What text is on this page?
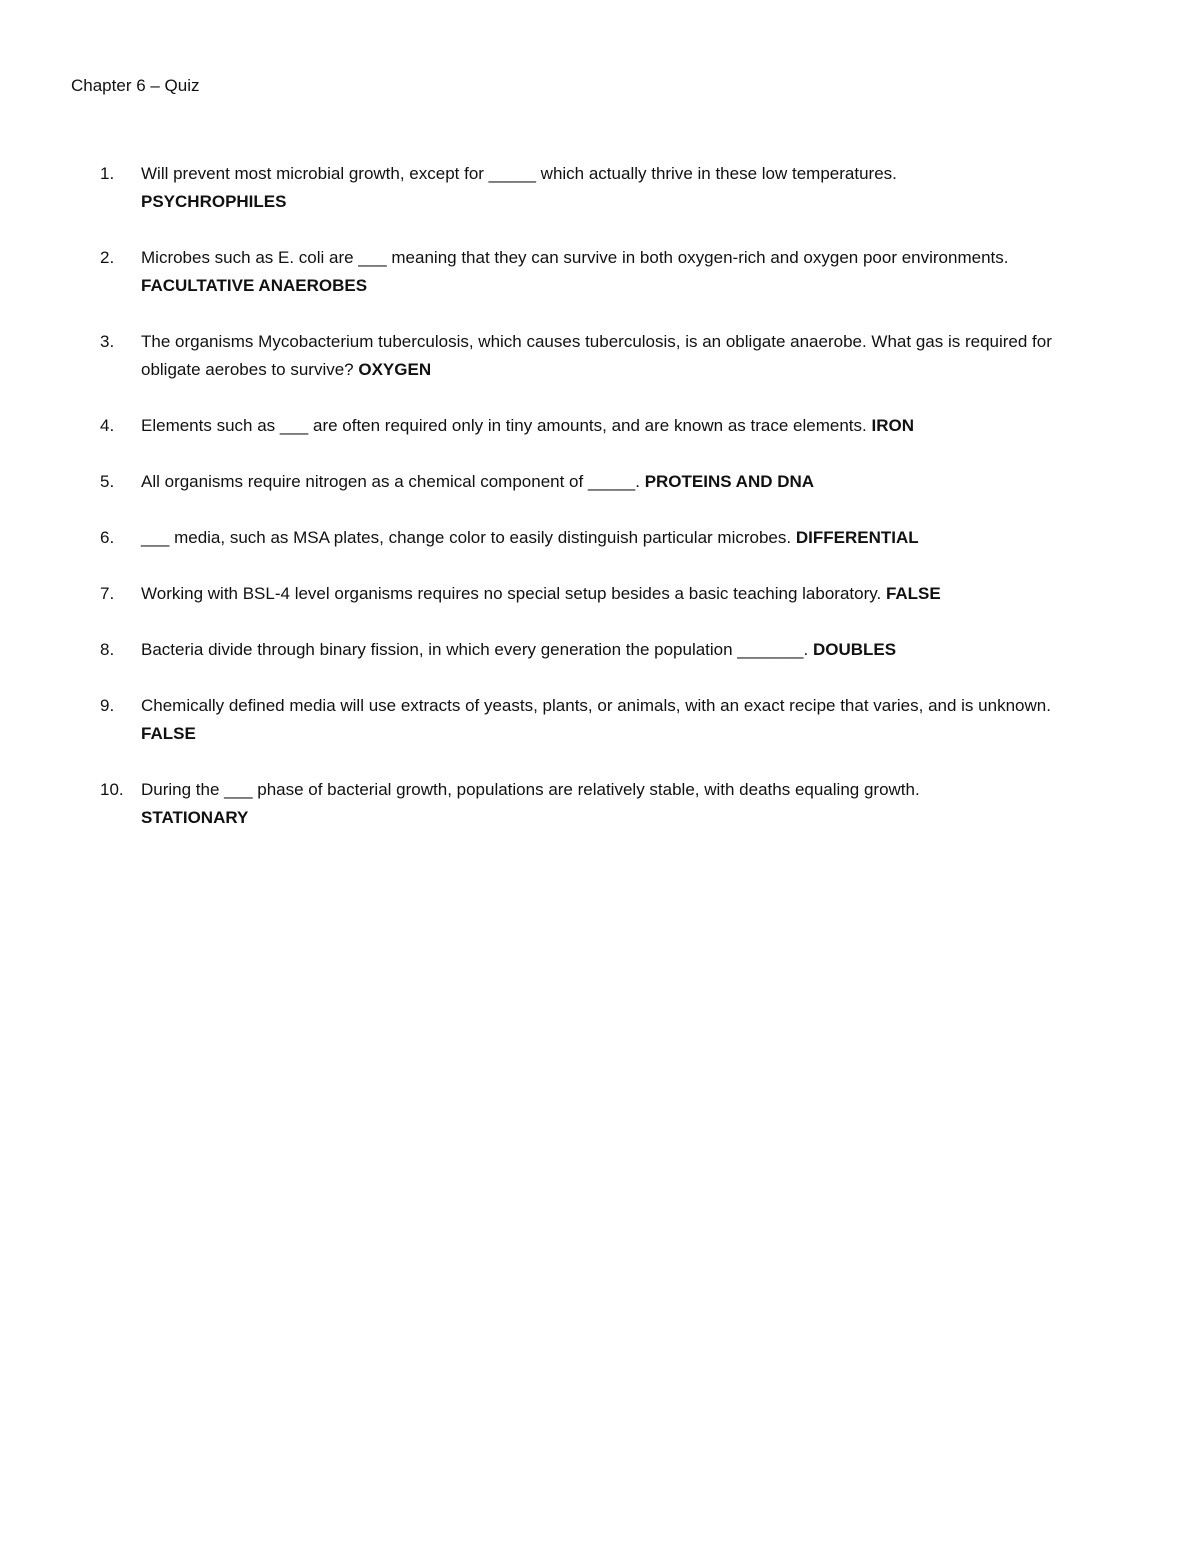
Chapter 6 – Quiz
1.	Will prevent most microbial growth, except for _____ which actually thrive in these low temperatures.
PSYCHROPHILES
2.	Microbes such as E. coli are ___ meaning that they can survive in both oxygen-rich and oxygen poor environments. FACULTATIVE ANAEROBES
3.	The organisms Mycobacterium tuberculosis, which causes tuberculosis, is an obligate anaerobe. What gas is required for obligate aerobes to survive? OXYGEN
4.	Elements such as ___ are often required only in tiny amounts, and are known as trace elements. IRON
5.	All organisms require nitrogen as a chemical component of _____. PROTEINS AND DNA
6.	___ media, such as MSA plates, change color to easily distinguish particular microbes. DIFFERENTIAL
7.	Working with BSL-4 level organisms requires no special setup besides a basic teaching laboratory. FALSE
8.	Bacteria divide through binary fission, in which every generation the population _______. DOUBLES
9.	Chemically defined media will use extracts of yeasts, plants, or animals, with an exact recipe that varies, and is unknown. FALSE
10.	During the ___ phase of bacterial growth, populations are relatively stable, with deaths equaling growth.
STATIONARY
